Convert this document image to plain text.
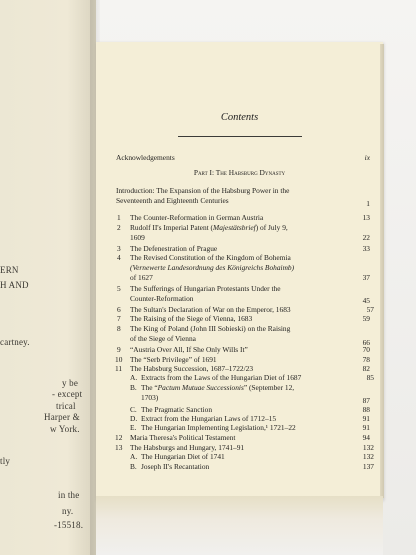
ERN
H AND
cartney.
y be
- except
trical
Harper &
w York.
tly
in the
ny.
-15518.
Contents
Acknowledgements	ix
Part I: The Habsburg Dynasty
Introduction: The Expansion of the Habsburg Power in the
Seventeenth and Eighteenth Centuries	1
1 The Counter-Reformation in German Austria	13
2 Rudolf II's Imperial Patent (Majestätsbrief) of July 9,
1609	22
3 The Defenestration of Prague	33
4 The Revised Constitution of the Kingdom of Bohemia
(Vernewerte Landesordnung des Königreichs Bohaimb)
of 1627	37
5 The Sufferings of Hungarian Protestants Under the
Counter-Reformation	45
6 The Sultan's Declaration of War on the Emperor, 1683	57
7 The Raising of the Siege of Vienna, 1683	59
8 The King of Poland (John III Sobieski) on the Raising
of the Siege of Vienna	66
9 “Austria Over All, If She Only Wills It”	70
10 The “Serb Privilege” of 1691	78
11 The Habsburg Succession, 1687–1722/23	82
A. Extracts from the Laws of the Hungarian Diet of 1687	85
B. The “Pactum Mutuae Successionis” (September 12,
1703)	87
C. The Pragmatic Sanction	88
D. Extract from the Hungarian Laws of 1712–15	91
E. The Hungarian Implementing Legislation,¹ 1721–22	91
12 Maria Theresa's Political Testament	94
13 The Habsburgs and Hungary, 1741–91	132
A. The Hungarian Diet of 1741	132
B. Joseph II's Recantation	137
